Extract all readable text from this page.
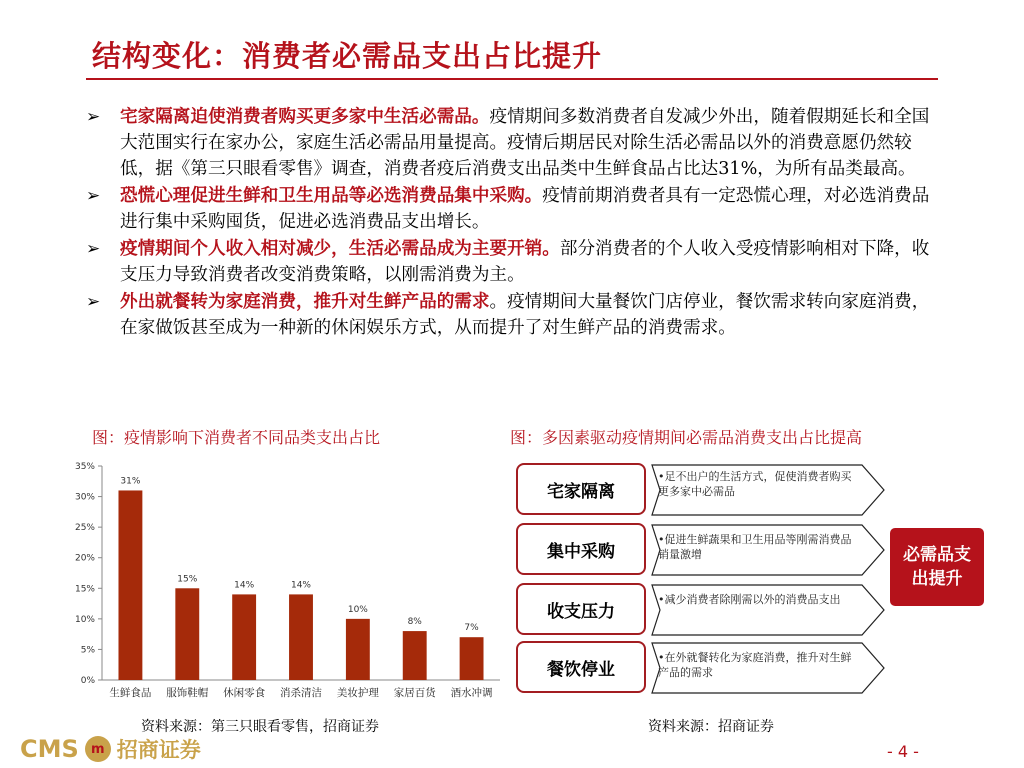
结构变化：消费者必需品支出占比提升
➢ 宅家隔离迫使消费者购买更多家中生活必需品。疫情期间多数消费者自发减少外出，随着假期延长和全国大范围实行在家办公，家庭生活必需品用量提高。疫情后期居民对除生活必需品以外的消费意愿仍然较低，据《第三只眼看零售》调查，消费者疫后消费支出品类中生鲜食品占比达31%，为所有品类最高。
➢ 恐慌心理促进生鲜和卫生用品等必选消费品集中采购。疫情前期消费者具有一定恐慌心理，对必选消费品进行集中采购囤货，促进必选消费品支出增长。
➢ 疫情期间个人收入相对减少，生活必需品成为主要开销。部分消费者的个人收入受疫情影响相对下降，收支压力导致消费者改变消费策略，以刚需消费为主。
➢ 外出就餐转为家庭消费，推升对生鲜产品的需求。疫情期间大量餐饮门店停业，餐饮需求转向家庭消费，在家做饭甚至成为一种新的休闲娱乐方式，从而提升了对生鲜产品的消费需求。
图：疫情影响下消费者不同品类支出占比	图：多因素驱动疫情期间必需品消费支出占比提高
0%
5%
10%
15%
20%
25%
30%
35%
31%
生鲜食品
15%
服饰鞋帽
14%
休闲零食
14%
消杀清洁
10%
美妆护理
8%
家居百货
7%
酒水冲调
资料来源：第三只眼看零售，招商证券
宅家隔离
•足不出户的生活方式，促使消费者购买更多家中必需品
集中采购
•促进生鲜蔬果和卫生用品等刚需消费品销量激增
收支压力
•减少消费者除刚需以外的消费品支出
餐饮停业
•在外就餐转化为家庭消费，推升对生鲜产品的需求
必需品支出提升
资料来源：招商证券
CMS m 招商证券	- 4 -
